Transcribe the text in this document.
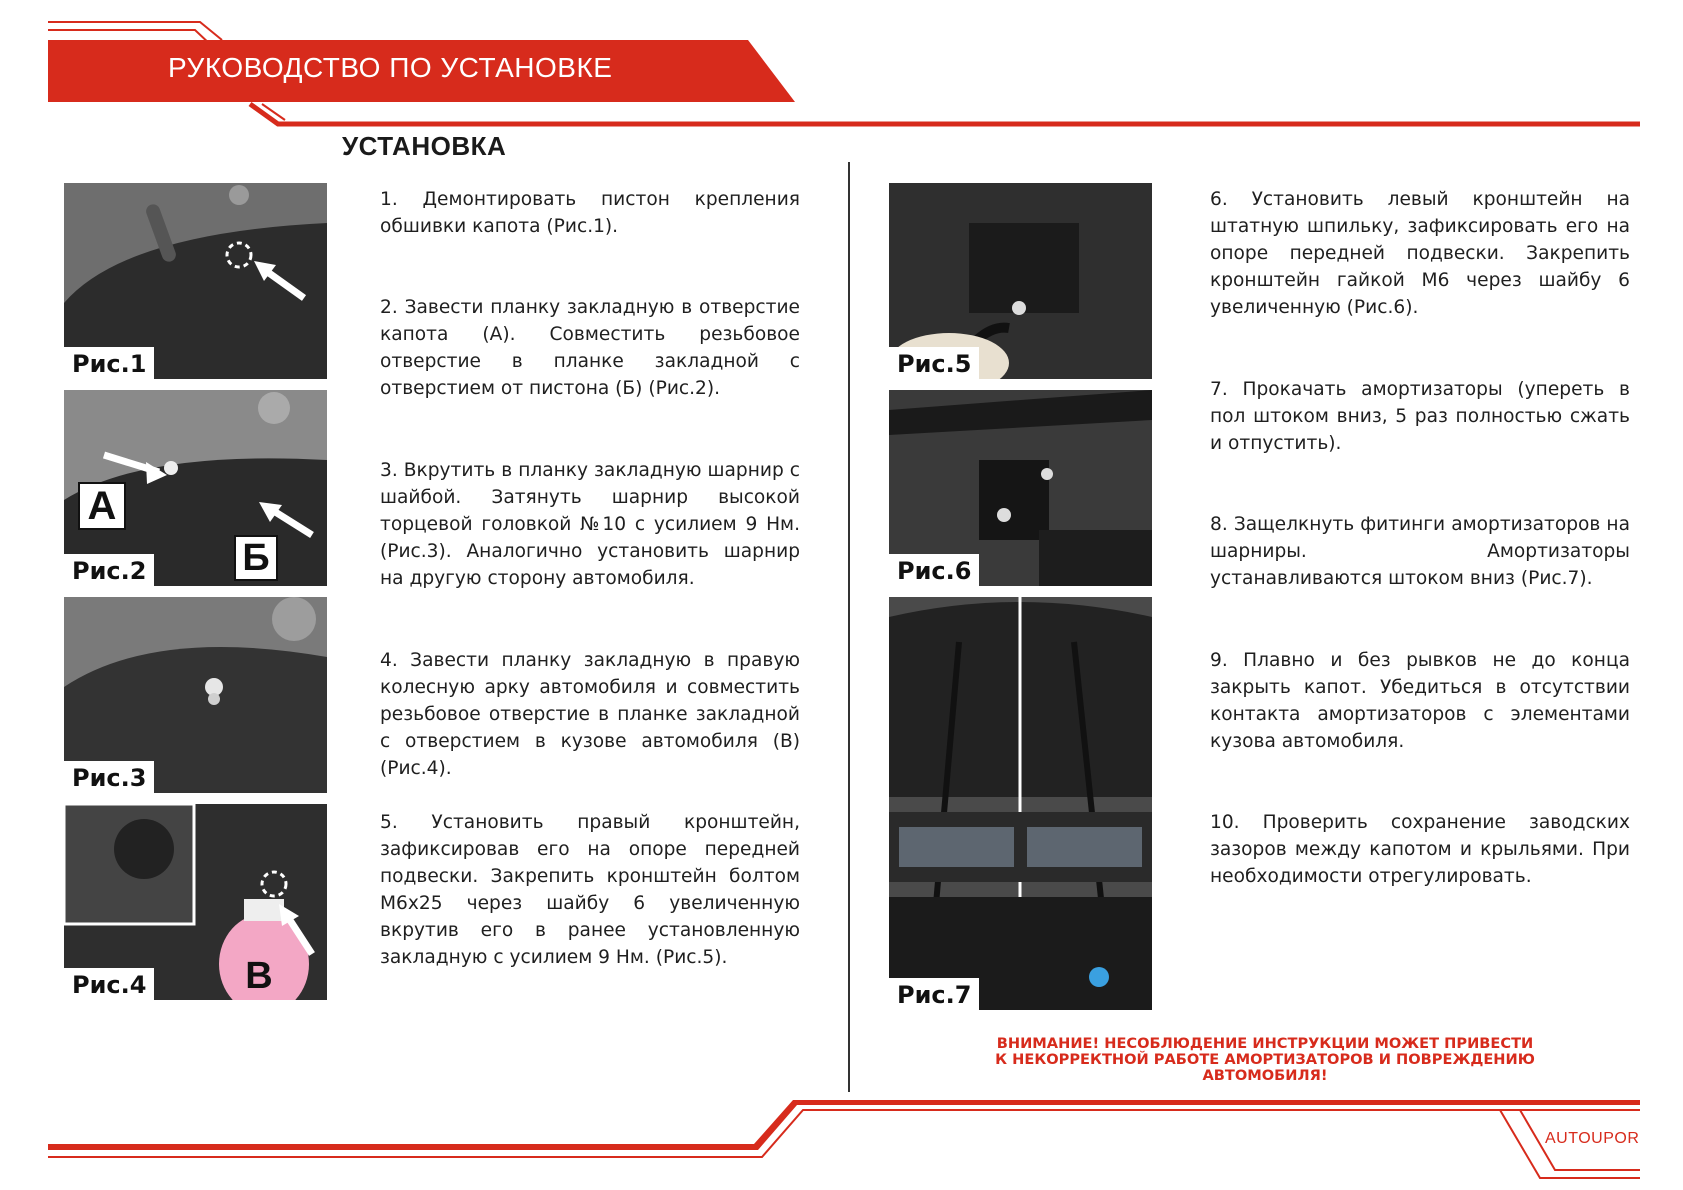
РУКОВОДСТВО ПО УСТАНОВКЕ
УСТАНОВКА
Рис.1
А
Б
Рис.2
Рис.3
В
Рис.4
1. Демонтировать пистон крепления обшивки капота (Рис.1).
2. Завести планку закладную в отверстие капота (А). Совместить резьбовое отверстие в планке закладной с отверстием от пистона (Б) (Рис.2).
3. Вкрутить в планку закладную шарнир с шайбой. Затянуть шарнир высокой торцевой головкой №10 с усилием 9 Нм. (Рис.3). Аналогично установить шарнир на другую сторону автомобиля.
4. Завести планку закладную в правую колесную арку автомобиля и совместить резьбовое отверстие в планке закладной с отверстием в кузове автомобиля (В) (Рис.4).
5. Установить правый кронштейн, зафиксировав его на опоре передней подвески. Закрепить кронштейн болтом М6х25 через шайбу 6 увеличенную вкрутив его в ранее установленную закладную с усилием 9 Нм. (Рис.5).
Рис.5
Рис.6
Рис.7
6. Установить левый кронштейн на штатную шпильку, зафиксировать его на опоре передней подвески. Закрепить кронштейн гайкой М6 через шайбу 6 увеличенную (Рис.6).
7. Прокачать амортизаторы (упереть в пол штоком вниз, 5 раз полностью сжать и отпустить).
8. Защелкнуть фитинги амортизаторов на шарниры. Амортизаторы устанавливаются штоком вниз (Рис.7).
9. Плавно и без рывков не до конца закрыть капот. Убедиться в отсутствии контакта амортизаторов с элементами кузова автомобиля.
10. Проверить сохранение заводских зазоров между капотом и крыльями. При необходимости отрегулировать.
ВНИМАНИЕ! НЕСОБЛЮДЕНИЕ ИНСТРУКЦИИ МОЖЕТ ПРИВЕСТИ К НЕКОРРЕКТНОЙ РАБОТЕ АМОРТИЗАТОРОВ И ПОВРЕЖДЕНИЮ АВТОМОБИЛЯ!
AUTOUPOR
